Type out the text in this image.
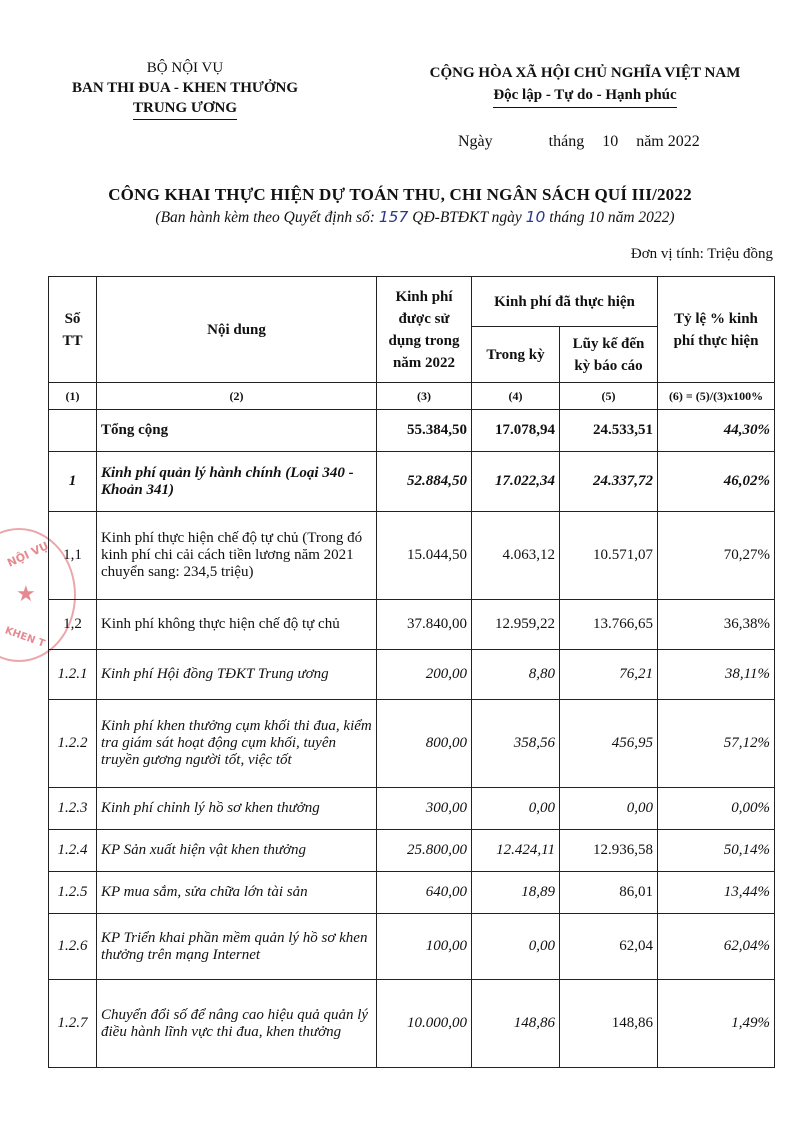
BỘ NỘI VỤ
BAN THI ĐUA - KHEN THƯỞNG
TRUNG ƯƠNG
CỘNG HÒA XÃ HỘI CHỦ NGHĨA VIỆT NAM
Độc lập - Tự do - Hạnh phúc
Ngày	tháng 10 năm 2022
CÔNG KHAI THỰC HIỆN DỰ TOÁN THU, CHI NGÂN SÁCH QUÍ III/2022
(Ban hành kèm theo Quyết định số: 157 QĐ-BTĐKT ngày 10 tháng 10 năm 2022)
Đơn vị tính: Triệu đồng
NỘI VỤ
★
KHEN T
Số TT	Nội dung	Kinh phí được sử dụng trong năm 2022	Kinh phí đã thực hiện		Tỷ lệ % kinh phí thực hiện
			Trong kỳ	Lũy kế đến kỳ báo cáo	
(1)	(2)	(3)	(4)	(5)	(6) = (5)/(3)x100%
	Tổng cộng	55.384,50	17.078,94	24.533,51	44,30%
1	Kinh phí quản lý hành chính (Loại 340 - Khoản 341)	52.884,50	17.022,34	24.337,72	46,02%
1,1	Kinh phí thực hiện chế độ tự chủ (Trong đó kinh phí chi cải cách tiền lương năm 2021 chuyển sang: 234,5 triệu)	15.044,50	4.063,12	10.571,07	70,27%
1,2	Kinh phí không thực hiện chế độ tự chủ	37.840,00	12.959,22	13.766,65	36,38%
1.2.1	Kinh phí Hội đồng TĐKT Trung ương	200,00	8,80	76,21	38,11%
1.2.2	Kinh phí khen thưởng cụm khối thi đua, kiểm tra giám sát hoạt động cụm khối, tuyên truyền gương người tốt, việc tốt	800,00	358,56	456,95	57,12%
1.2.3	Kinh phí chỉnh lý hồ sơ khen thưởng	300,00	0,00	0,00	0,00%
1.2.4	KP Sản xuất hiện vật khen thưởng	25.800,00	12.424,11	12.936,58	50,14%
1.2.5	KP mua sắm, sửa chữa lớn tài sản	640,00	18,89	86,01	13,44%
1.2.6	KP Triển khai phần mềm quản lý hồ sơ khen thưởng trên mạng Internet	100,00	0,00	62,04	62,04%
1.2.7	Chuyển đổi số để nâng cao hiệu quả quản lý điều hành lĩnh vực thi đua, khen thưởng	10.000,00	148,86	148,86	1,49%
